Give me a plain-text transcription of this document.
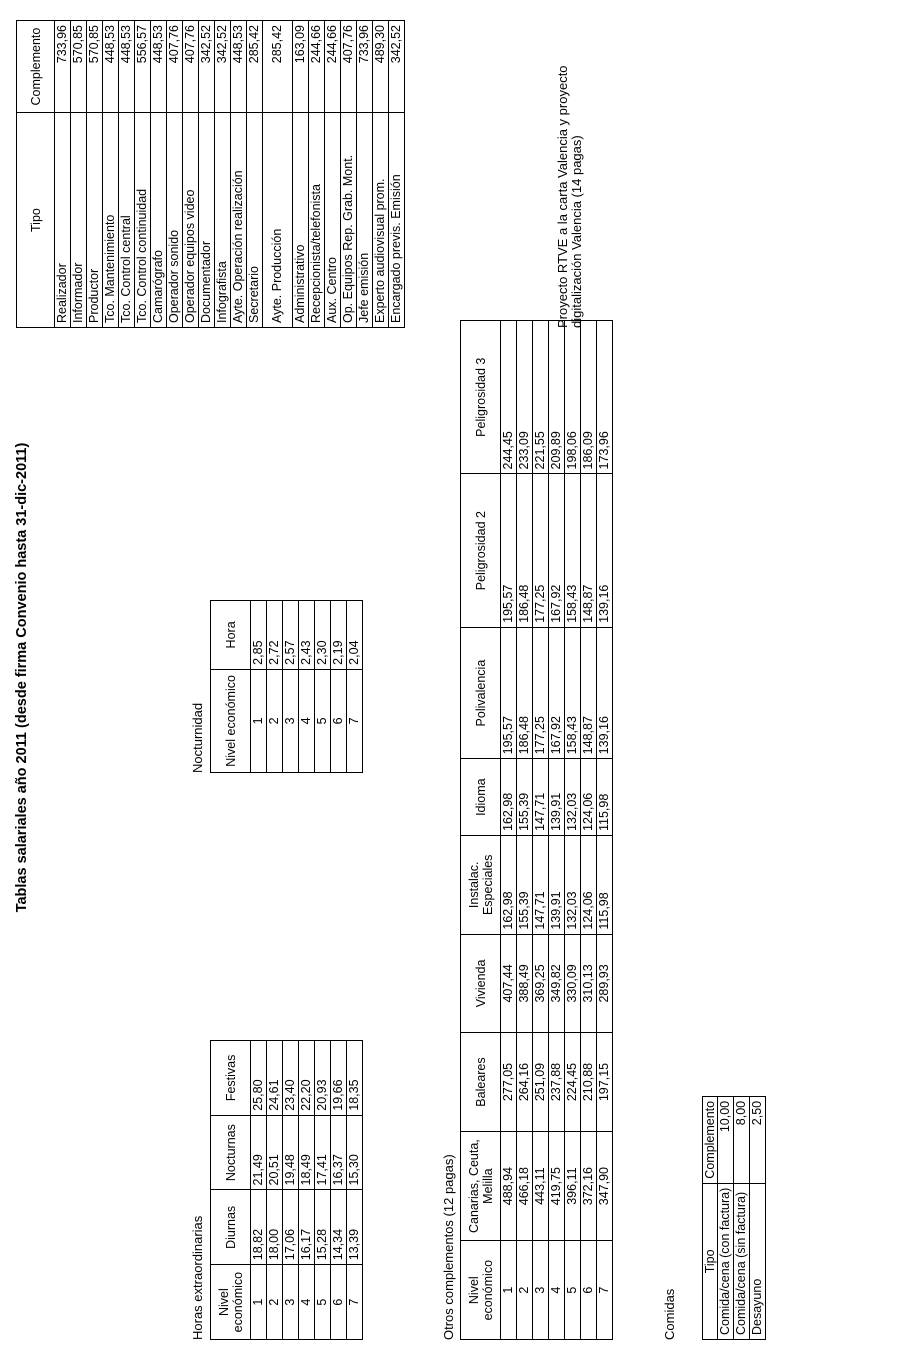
Tablas salariales año 2011 (desde firma Convenio hasta 31-dic-2011)
Horas extraordinarias Nivel económico	Diurnas	Nocturnas	Festivas
1	18,82	21,49	25,80
2	18,00	20,51	24,61
3	17,06	19,48	23,40
4	16,17	18,49	22,20
5	15,28	17,41	20,93
6	14,34	16,37	19,66
7	13,39	15,30	18,35
Nocturnidad Nivel económico	Hora
1	2,85
2	2,72
3	2,57
4	2,43
5	2,30
6	2,19
7	2,04
Otros complementos (12 pagas) Nivel económico	Canarias, Ceuta, Melilla	Baleares	Vivienda	Instalac. Especiales	Idioma	Polivalencia	Peligrosidad 2	Peligrosidad 3
1	488,94	277,05	407,44	162,98	162,98	195,57	195,57	244,45
2	466,18	264,16	388,49	155,39	155,39	186,48	186,48	233,09
3	443,11	251,09	369,25	147,71	147,71	177,25	177,25	221,55
4	419,75	237,88	349,82	139,91	139,91	167,92	167,92	209,89
5	396,11	224,45	330,09	132,03	132,03	158,43	158,43	198,06
6	372,16	210,88	310,13	124,06	124,06	148,87	148,87	186,09
7	347,90	197,15	289,93	115,98	115,98	139,16	139,16	173,96
Comidas
Tipo	Complemento
Comida/cena (con factura)	10,00
Comida/cena (sin factura)	8,00
Desayuno	2,50
Proyecto RTVE a la carta Valencia y proyecto digitalización Valencia (14 pagas)
Tipo	Complemento
Realizador	733,96
Informador	570,85
Productor	570,85
Tco. Mantenimiento	448,53
Tco. Control central	448,53
Tco. Control continuidad	556,57
Camarógrafo	448,53
Operador sonido	407,76
Operador equipos video	407,76
Documentador	342,52
Infografista	342,52
Ayte. Operación realización	448,53
Secretario	285,42
Ayte. Producción	285,42
Administrativo	163,09
Recepcionista/telefonista	244,66
Aux. Centro	244,66
Op. Equipos Rep. Grab. Mont.	407,76
Jefe emisión	733,96
Experto audiovisual prom.	489,30
Encargado previs. Emisión	342,52
